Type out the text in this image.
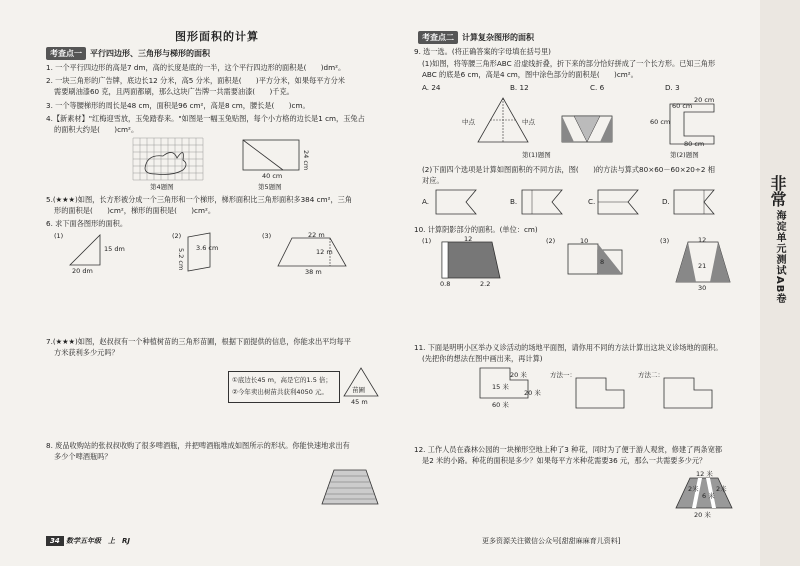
非常
海淀单元测试AB卷
图形面积的计算
考查点一	平行四边形、三角形与梯形的面积
1. 一个平行四边形的高是7 dm，高的长度是底的一半，这个平行四边形的面积是(　　)dm²。
2. 一块三角形的广告牌，底边长12 分米，高5 分米，面积是(　　)平方分米，如果每平方分米
需要刷油漆60 克，且两面都刷，那么这块广告牌一共需要油漆(　　)千克。
3. 一个等腰梯形的周长是48 cm，面积是96 cm²，高是8 cm，腰长是(　　)cm。
4.【新素材】"红梅迎雪放，玉兔踏春来。"如图是一幅玉兔贴图，每个小方格的边长是1 cm，玉兔占
的面积大约是(　　)cm²。
第4题图
24 cm
40 cm
第5题图
5.(★★★)如图，长方形被分成一个三角形和一个梯形，梯形面积比三角形面积多384 cm²，三角
形的面积是(　　)cm²，梯形的面积是(　　)cm²。
6. 求下面各图形的面积。
(1)
15 dm
20 dm
(2)
3.6 cm
5.2 cm
(3)	22 m
12 m
38 m
7.(★★★)如图，赵叔叔有一个种植树苗的三角形苗圃，根据下面提供的信息，你能求出平均每平
方米获利多少元吗？
①底边长45 m，高是它的1.5 倍；
②今年卖出树苗共获利4050 元。	苗圃
45 m
8. 废品收购站的张叔叔收购了很多啤酒瓶，并把啤酒瓶堆成如图所示的形状。你能快速地求出有
多少个啤酒瓶吗？
34 数学五年级　上　RJ
考查点二	计算复杂图形的面积
9. 选一选。(将正确答案的字母填在括号里)
(1)如图，将等腰三角形ABC 沿虚线折叠，折下来的部分恰好拼成了一个长方形。已知三角形
ABC 的底是6 cm，高是4 cm，图中涂色部分的面积是(　　)cm²。
A. 24	B. 12	C. 6	D. 3
中点	中点
第(1)题图
20 cm
60 cm
60 cm
80 cm
第(2)题图
(2)下面四个选项是计算如图面积的不同方法，图(　　)的方法与算式80×60－60×20÷2 相
对应。
A.	B.	C.	D.
10. 计算阴影部分的面积。(单位：cm)
(1)	12
0.8	2.2
(2)	10
8
(3)	12
21
30
11. 下面是明明小区举办义诊活动的场地平面图，请你用不同的方法计算出这块义诊场地的面积。
(先把你的想法在图中画出来，再计算)
20 米
15 米
20 米
60 米
方法一：	方法二：
12. 工作人员在森林公园的一块梯形空地上种了3 种花，同时为了便于游人观赏，修建了两条宽都
是2 米的小路。种花的面积是多少？如果每平方米种花需要36 元，那么一共需要多少元？
12 米
6 米
2米	2米
20 米
更多资源关注微信公众号[甜甜麻麻育儿资料]
